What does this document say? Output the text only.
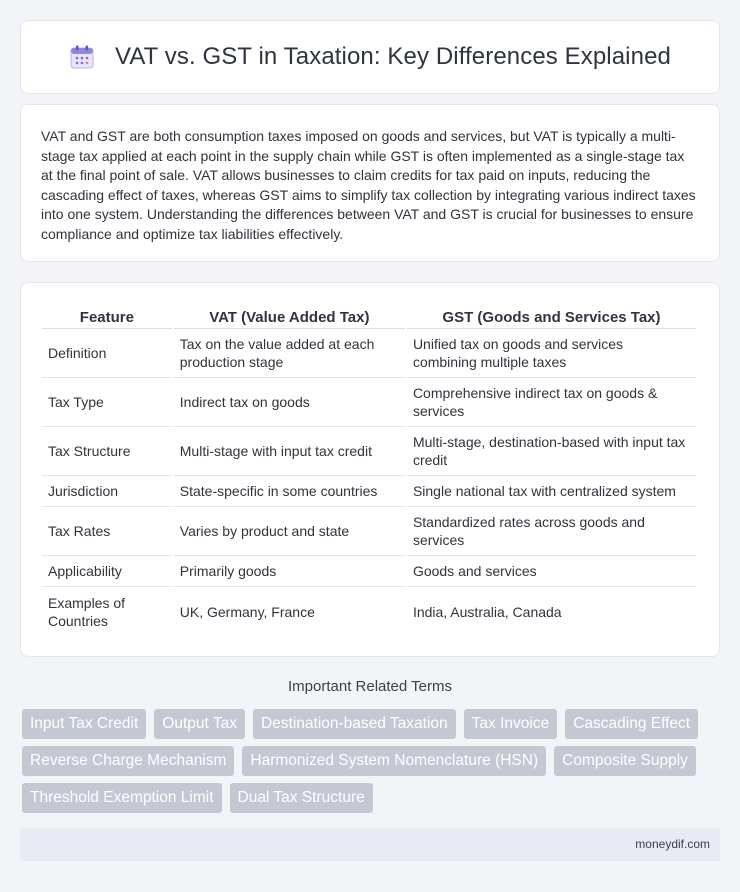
VAT vs. GST in Taxation: Key Differences Explained

VAT and GST are both consumption taxes imposed on goods and services, but VAT is typically a multi-stage tax applied at each point in the supply chain while GST is often implemented as a single-stage tax at the final point of sale. VAT allows businesses to claim credits for tax paid on inputs, reducing the cascading effect of taxes, whereas GST aims to simplify tax collection by integrating various indirect taxes into one system. Understanding the differences between VAT and GST is crucial for businesses to ensure compliance and optimize tax liabilities effectively.

Feature	VAT (Value Added Tax)	GST (Goods and Services Tax)
Definition	Tax on the value added at each production stage	Unified tax on goods and services combining multiple taxes
Tax Type	Indirect tax on goods	Comprehensive indirect tax on goods & services
Tax Structure	Multi-stage with input tax credit	Multi-stage, destination-based with input tax credit
Jurisdiction	State-specific in some countries	Single national tax with centralized system
Tax Rates	Varies by product and state	Standardized rates across goods and services
Applicability	Primarily goods	Goods and services
Examples of Countries	UK, Germany, France	India, Australia, Canada
Important Related Terms
Input Tax Credit	Output Tax	Destination-based Taxation	Tax Invoice	Cascading Effect
Reverse Charge Mechanism	Harmonized System Nomenclature (HSN)	Composite Supply
Threshold Exemption Limit	Dual Tax Structure
moneydif.com
